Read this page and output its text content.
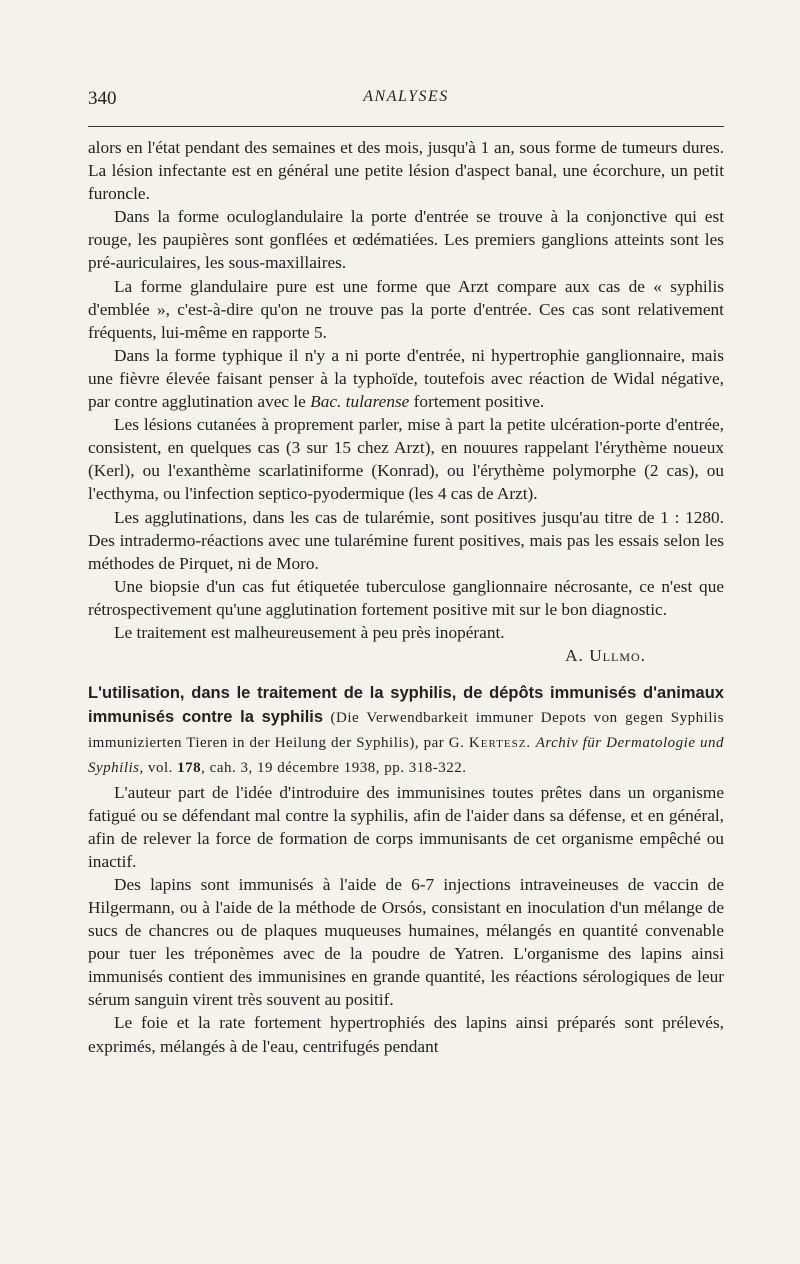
340	ANALYSES

alors en l'état pendant des semaines et des mois, jusqu'à 1 an, sous forme de tumeurs dures. La lésion infectante est en général une petite lésion d'aspect banal, une écorchure, un petit furoncle.

Dans la forme oculoglandulaire la porte d'entrée se trouve à la conjonctive qui est rouge, les paupières sont gonflées et œdématiées. Les premiers ganglions atteints sont les pré-auriculaires, les sous-maxillaires.

La forme glandulaire pure est une forme que Arzt compare aux cas de « syphilis d'emblée », c'est-à-dire qu'on ne trouve pas la porte d'entrée. Ces cas sont relativement fréquents, lui-même en rapporte 5.

Dans la forme typhique il n'y a ni porte d'entrée, ni hypertrophie ganglionnaire, mais une fièvre élevée faisant penser à la typhoïde, toutefois avec réaction de Widal négative, par contre agglutination avec le Bac. tularense fortement positive.

Les lésions cutanées à proprement parler, mise à part la petite ulcération-porte d'entrée, consistent, en quelques cas (3 sur 15 chez Arzt), en nouures rappelant l'érythème noueux (Kerl), ou l'exanthème scarlatiniforme (Konrad), ou l'érythème polymorphe (2 cas), ou l'ecthyma, ou l'infection septico-pyodermique (les 4 cas de Arzt).

Les agglutinations, dans les cas de tularémie, sont positives jusqu'au titre de 1 : 1280. Des intradermo-réactions avec une tularémine furent positives, mais pas les essais selon les méthodes de Pirquet, ni de Moro.

Une biopsie d'un cas fut étiquetée tuberculose ganglionnaire nécrosante, ce n'est que rétrospectivement qu'une agglutination fortement positive mit sur le bon diagnostic.

Le traitement est malheureusement à peu près inopérant.

A. Ullmo.

L'utilisation, dans le traitement de la syphilis, de dépôts immunisés d'animaux immunisés contre la syphilis (Die Verwendbarkeit immuner Depots von gegen Syphilis immunizierten Tieren in der Heilung der Syphilis), par G. Kertesz. Archiv für Dermatologie und Syphilis, vol. 178, cah. 3, 19 décembre 1938, pp. 318-322.

L'auteur part de l'idée d'introduire des immunisines toutes prêtes dans un organisme fatigué ou se défendant mal contre la syphilis, afin de l'aider dans sa défense, et en général, afin de relever la force de formation de corps immunisants de cet organisme empêché ou inactif.

Des lapins sont immunisés à l'aide de 6-7 injections intraveineuses de vaccin de Hilgermann, ou à l'aide de la méthode de Orsós, consistant en inoculation d'un mélange de sucs de chancres ou de plaques muqueuses humaines, mélangés en quantité convenable pour tuer les tréponèmes avec de la poudre de Yatren. L'organisme des lapins ainsi immunisés contient des immunisines en grande quantité, les réactions sérologiques de leur sérum sanguin virent très souvent au positif.

Le foie et la rate fortement hypertrophiés des lapins ainsi préparés sont prélevés, exprimés, mélangés à de l'eau, centrifugés pendant
